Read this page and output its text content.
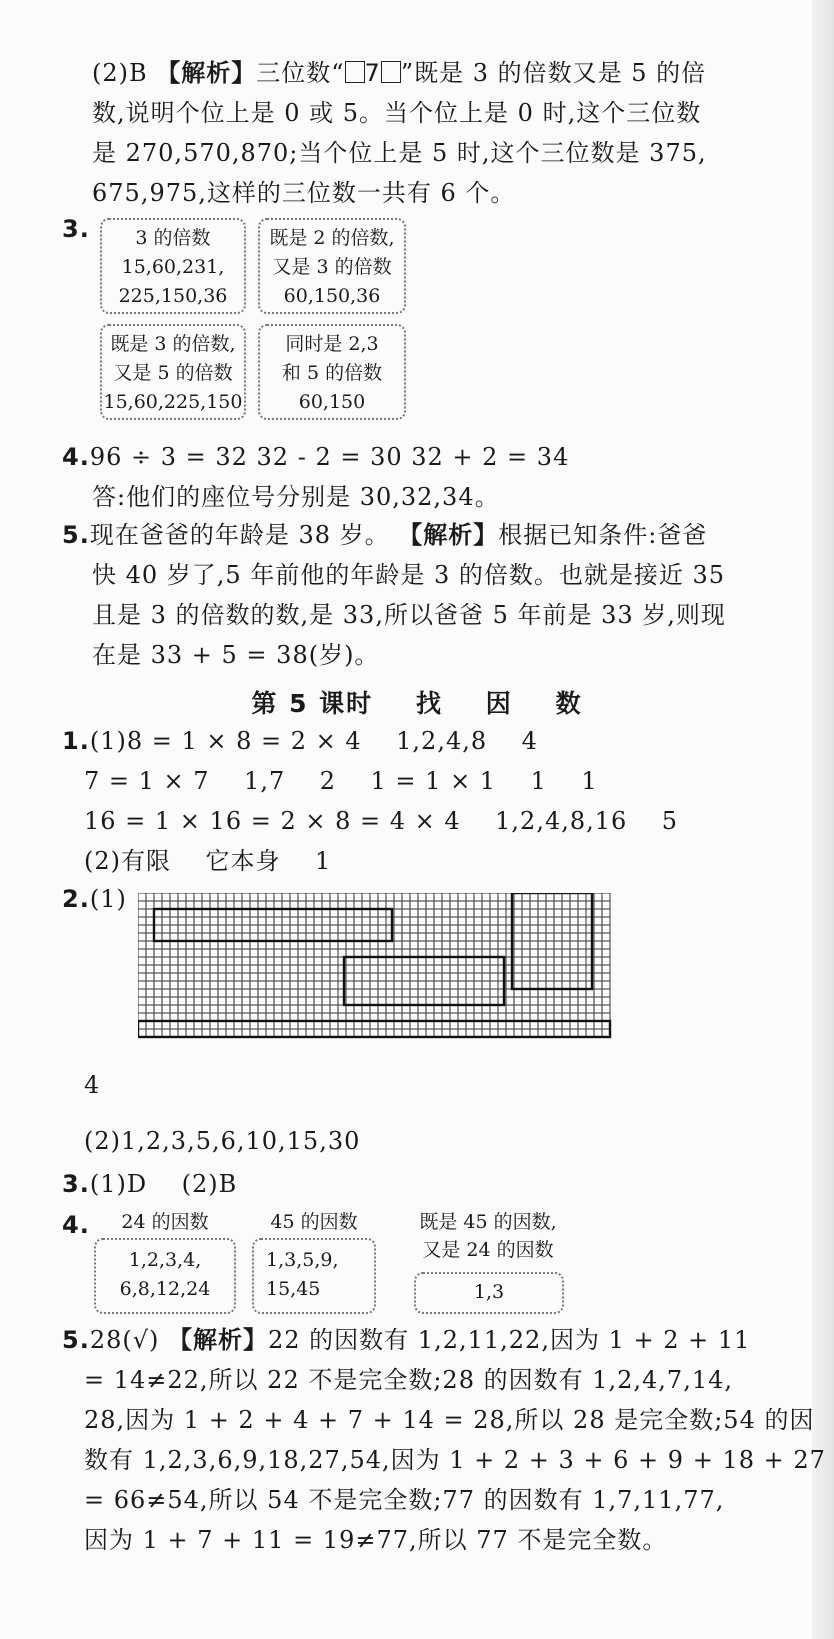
(2)B 【解析】三位数“ 7 ”既是 3 的倍数又是 5 的倍
数,说明个位上是 0 或 5。当个位上是 0 时,这个三位数
是 270,570,870;当个位上是 5 时,这个三位数是 375,
675,975,这样的三位数一共有 6 个。
3.	3 的倍数
15,60,231,
225,150,36
既是 2 的倍数,
又是 3 的倍数
60,150,36
既是 3 的倍数,
又是 5 的倍数
15,60,225,150
同时是 2,3
和 5 的倍数
60,150
4.96 ÷ 3 = 32 32 - 2 = 30 32 + 2 = 34
答:他们的座位号分别是 30,32,34。
5.现在爸爸的年龄是 38 岁。 【解析】根据已知条件:爸爸
快 40 岁了,5 年前他的年龄是 3 的倍数。也就是接近 35
且是 3 的倍数的数,是 33,所以爸爸 5 年前是 33 岁,则现
在是 33 + 5 = 38(岁)。
第 5 课时    找    因    数
1.(1)8 = 1 × 8 = 2 × 4    1,2,4,8    4
7 = 1 × 7    1,7    2    1 = 1 × 1    1    1
16 = 1 × 16 = 2 × 8 = 4 × 4    1,2,4,8,16    5
(2)有限    它本身    1
2.(1)
4
(2)1,2,3,5,6,10,15,30
3.(1)D    (2)B
4.	24 的因数
1,2,3,4,
6,8,12,24
45 的因数
1,3,5,9,
15,45
既是 45 的因数,
又是 24 的因数
1,3
5.28(√) 【解析】22 的因数有 1,2,11,22,因为 1 + 2 + 11
= 14≠22,所以 22 不是完全数;28 的因数有 1,2,4,7,14,
28,因为 1 + 2 + 4 + 7 + 14 = 28,所以 28 是完全数;54 的因
数有 1,2,3,6,9,18,27,54,因为 1 + 2 + 3 + 6 + 9 + 18 + 27
= 66≠54,所以 54 不是完全数;77 的因数有 1,7,11,77,
因为 1 + 7 + 11 = 19≠77,所以 77 不是完全数。
